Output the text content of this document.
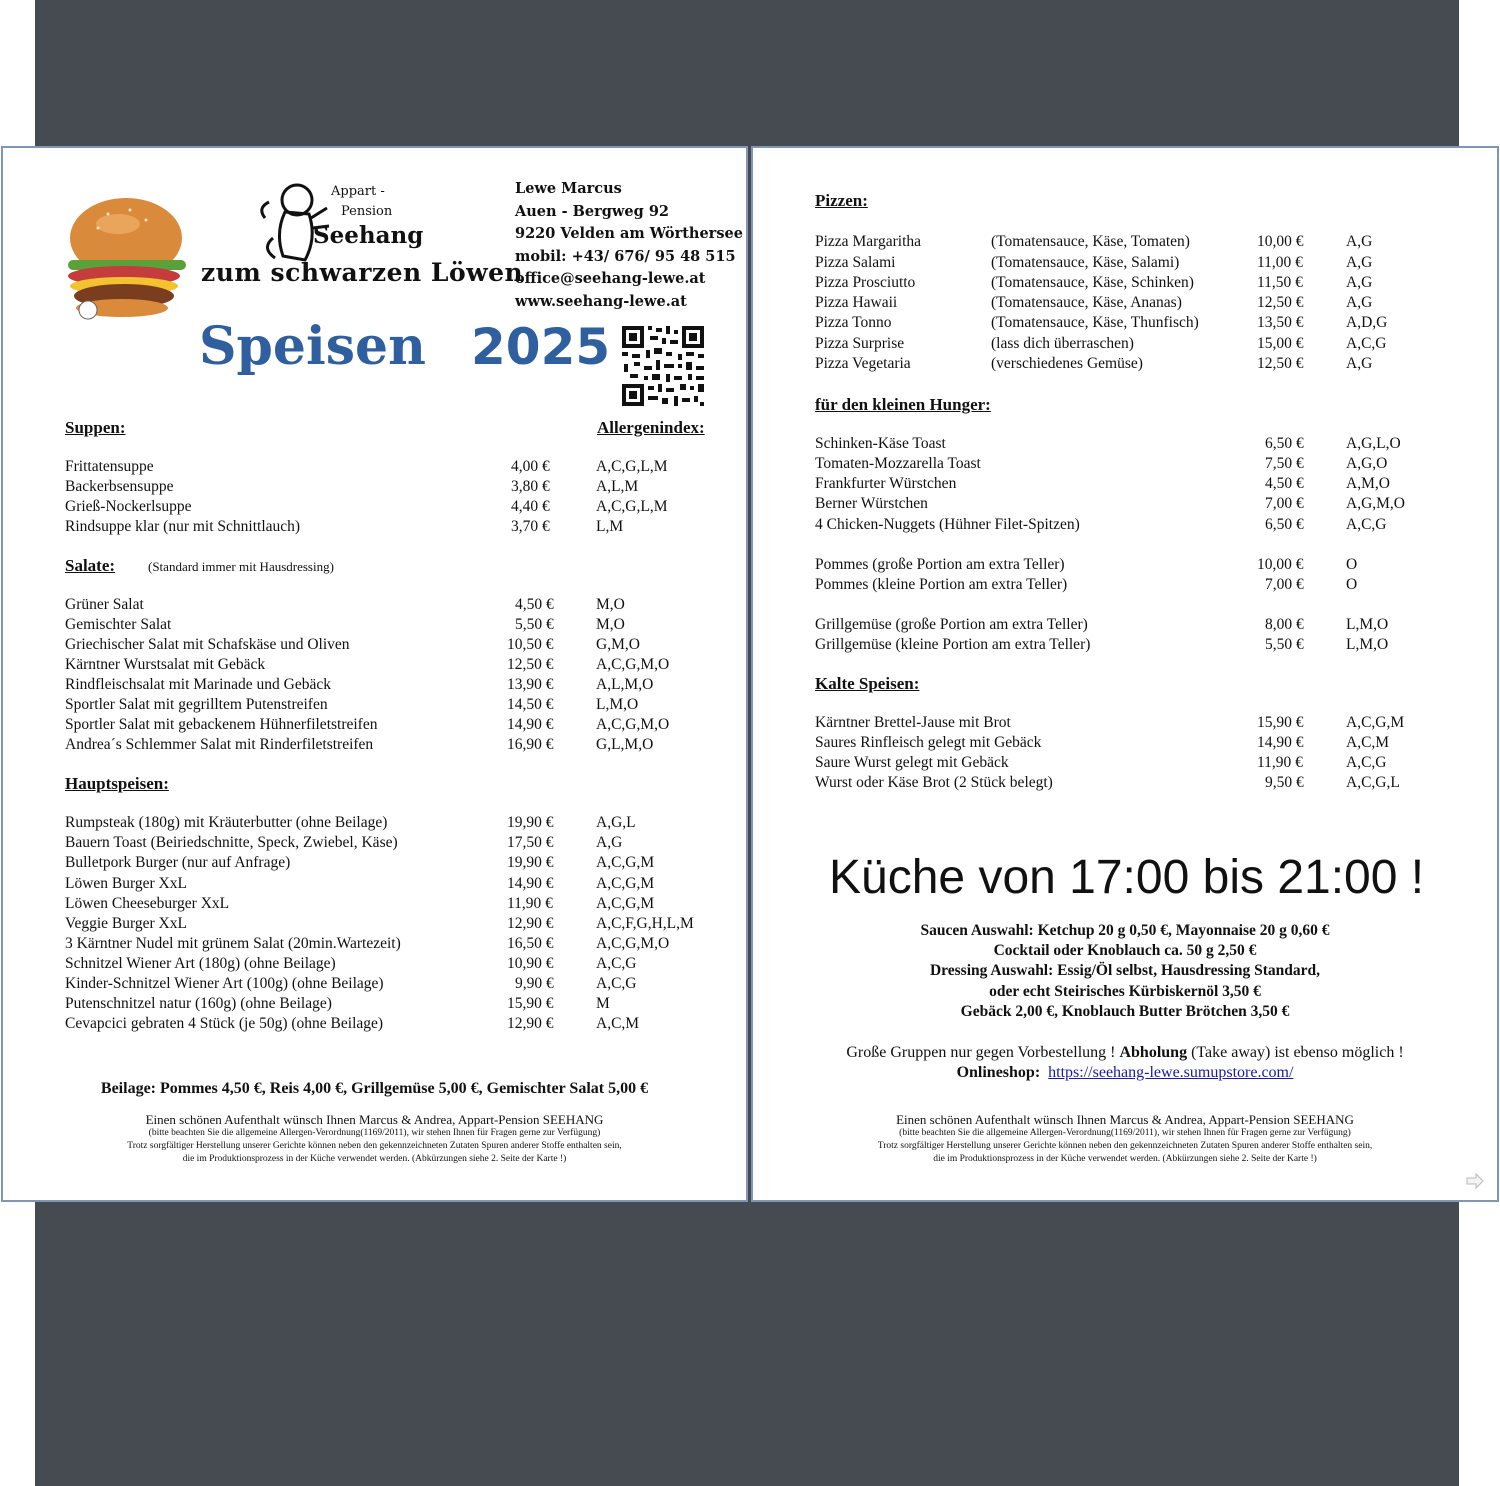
Appart -
Pension
Seehang
zum schwarzen Löwen
Lewe Marcus
Auen - Bergweg 92
9220 Velden am Wörthersee
mobil: +43/ 676/ 95 48 515
office@seehang-lewe.at
www.seehang-lewe.at
Speisen 2025
Suppen:	Allergenindex:
Frittatensuppe	4,00 €	A,C,G,L,M
Backerbsensuppe	3,80 €	A,L,M
Grieß-Nockerlsuppe	4,40 €	A,C,G,L,M
Rindsuppe klar (nur mit Schnittlauch)	3,70 €	L,M
Salate:	(Standard immer mit Hausdressing)
Grüner Salat	4,50 €	M,O
Gemischter Salat	5,50 €	M,O
Griechischer Salat mit Schafskäse und Oliven	10,50 €	G,M,O
Kärntner Wurstsalat mit Gebäck	12,50 €	A,C,G,M,O
Rindfleischsalat mit Marinade und Gebäck	13,90 €	A,L,M,O
Sportler Salat mit gegrilltem Putenstreifen	14,50 €	L,M,O
Sportler Salat mit gebackenem Hühnerfiletstreifen	14,90 €	A,C,G,M,O
Andrea´s Schlemmer Salat mit Rinderfiletstreifen	16,90 €	G,L,M,O
Hauptspeisen:
Rumpsteak (180g) mit Kräuterbutter (ohne Beilage)	19,90 €	A,G,L
Bauern Toast (Beiriedschnitte, Speck, Zwiebel, Käse)	17,50 €	A,G
Bulletpork Burger (nur auf Anfrage)	19,90 €	A,C,G,M
Löwen Burger XxL	14,90 €	A,C,G,M
Löwen Cheeseburger XxL	11,90 €	A,C,G,M
Veggie Burger XxL	12,90 €	A,C,F,G,H,L,M
3 Kärntner Nudel mit grünem Salat (20min.Wartezeit)	16,50 €	A,C,G,M,O
Schnitzel Wiener Art (180g) (ohne Beilage)	10,90 €	A,C,G
Kinder-Schnitzel Wiener Art (100g) (ohne Beilage)	9,90 €	A,C,G
Putenschnitzel natur (160g) (ohne Beilage)	15,90 €	M
Cevapcici gebraten 4 Stück (je 50g) (ohne Beilage)	12,90 €	A,C,M
Beilage: Pommes 4,50 €, Reis 4,00 €, Grillgemüse 5,00 €, Gemischter Salat 5,00 €
Einen schönen Aufenthalt wünsch Ihnen Marcus & Andrea, Appart-Pension SEEHANG
(bitte beachten Sie die allgemeine Allergen-Verordnung(1169/2011), wir stehen Ihnen für Fragen gerne zur Verfügung)
Trotz sorgfältiger Herstellung unserer Gerichte können neben den gekennzeichneten Zutaten Spuren anderer Stoffe enthalten sein,
die im Produktionsprozess in der Küche verwendet werden. (Abkürzungen siehe 2. Seite der Karte !)
Pizzen:
Pizza Margaritha	(Tomatensauce, Käse, Tomaten)	10,00 €	A,G
Pizza Salami	(Tomatensauce, Käse, Salami)	11,00 €	A,G
Pizza Prosciutto	(Tomatensauce, Käse, Schinken)	11,50 €	A,G
Pizza Hawaii	(Tomatensauce, Käse, Ananas)	12,50 €	A,G
Pizza Tonno	(Tomatensauce, Käse, Thunfisch)	13,50 €	A,D,G
Pizza Surprise	(lass dich überraschen)	15,00 €	A,C,G
Pizza Vegetaria	(verschiedenes Gemüse)	12,50 €	A,G
für den kleinen Hunger:
Schinken-Käse Toast	6,50 €	A,G,L,O
Tomaten-Mozzarella Toast	7,50 €	A,G,O
Frankfurter Würstchen	4,50 €	A,M,O
Berner Würstchen	7,00 €	A,G,M,O
4 Chicken-Nuggets (Hühner Filet-Spitzen)	6,50 €	A,C,G
Pommes (große Portion am extra Teller)	10,00 €	O
Pommes (kleine Portion am extra Teller)	7,00 €	O
Grillgemüse (große Portion am extra Teller)	8,00 €	L,M,O
Grillgemüse (kleine Portion am extra Teller)	5,50 €	L,M,O
Kalte Speisen:
Kärntner Brettel-Jause mit Brot	15,90 €	A,C,G,M
Saures Rinfleisch gelegt mit Gebäck	14,90 €	A,C,M
Saure Wurst gelegt mit Gebäck	11,90 €	A,C,G
Wurst oder Käse Brot (2 Stück belegt)	9,50 €	A,C,G,L
Küche von 17:00 bis 21:00 !
Saucen Auswahl: Ketchup 20 g 0,50 €, Mayonnaise 20 g 0,60 €
Cocktail oder Knoblauch ca. 50 g 2,50 €
Dressing Auswahl: Essig/Öl selbst, Hausdressing Standard,
oder echt Steirisches Kürbiskernöl 3,50 €
Gebäck 2,00 €, Knoblauch Butter Brötchen 3,50 €
Große Gruppen nur gegen Vorbestellung ! Abholung (Take away) ist ebenso möglich !
Onlineshop: https://seehang-lewe.sumupstore.com/
Einen schönen Aufenthalt wünsch Ihnen Marcus & Andrea, Appart-Pension SEEHANG
(bitte beachten Sie die allgemeine Allergen-Verordnung(1169/2011), wir stehen Ihnen für Fragen gerne zur Verfügung)
Trotz sorgfältiger Herstellung unserer Gerichte können neben den gekennzeichneten Zutaten Spuren anderer Stoffe enthalten sein,
die im Produktionsprozess in der Küche verwendet werden. (Abkürzungen siehe 2. Seite der Karte !)
